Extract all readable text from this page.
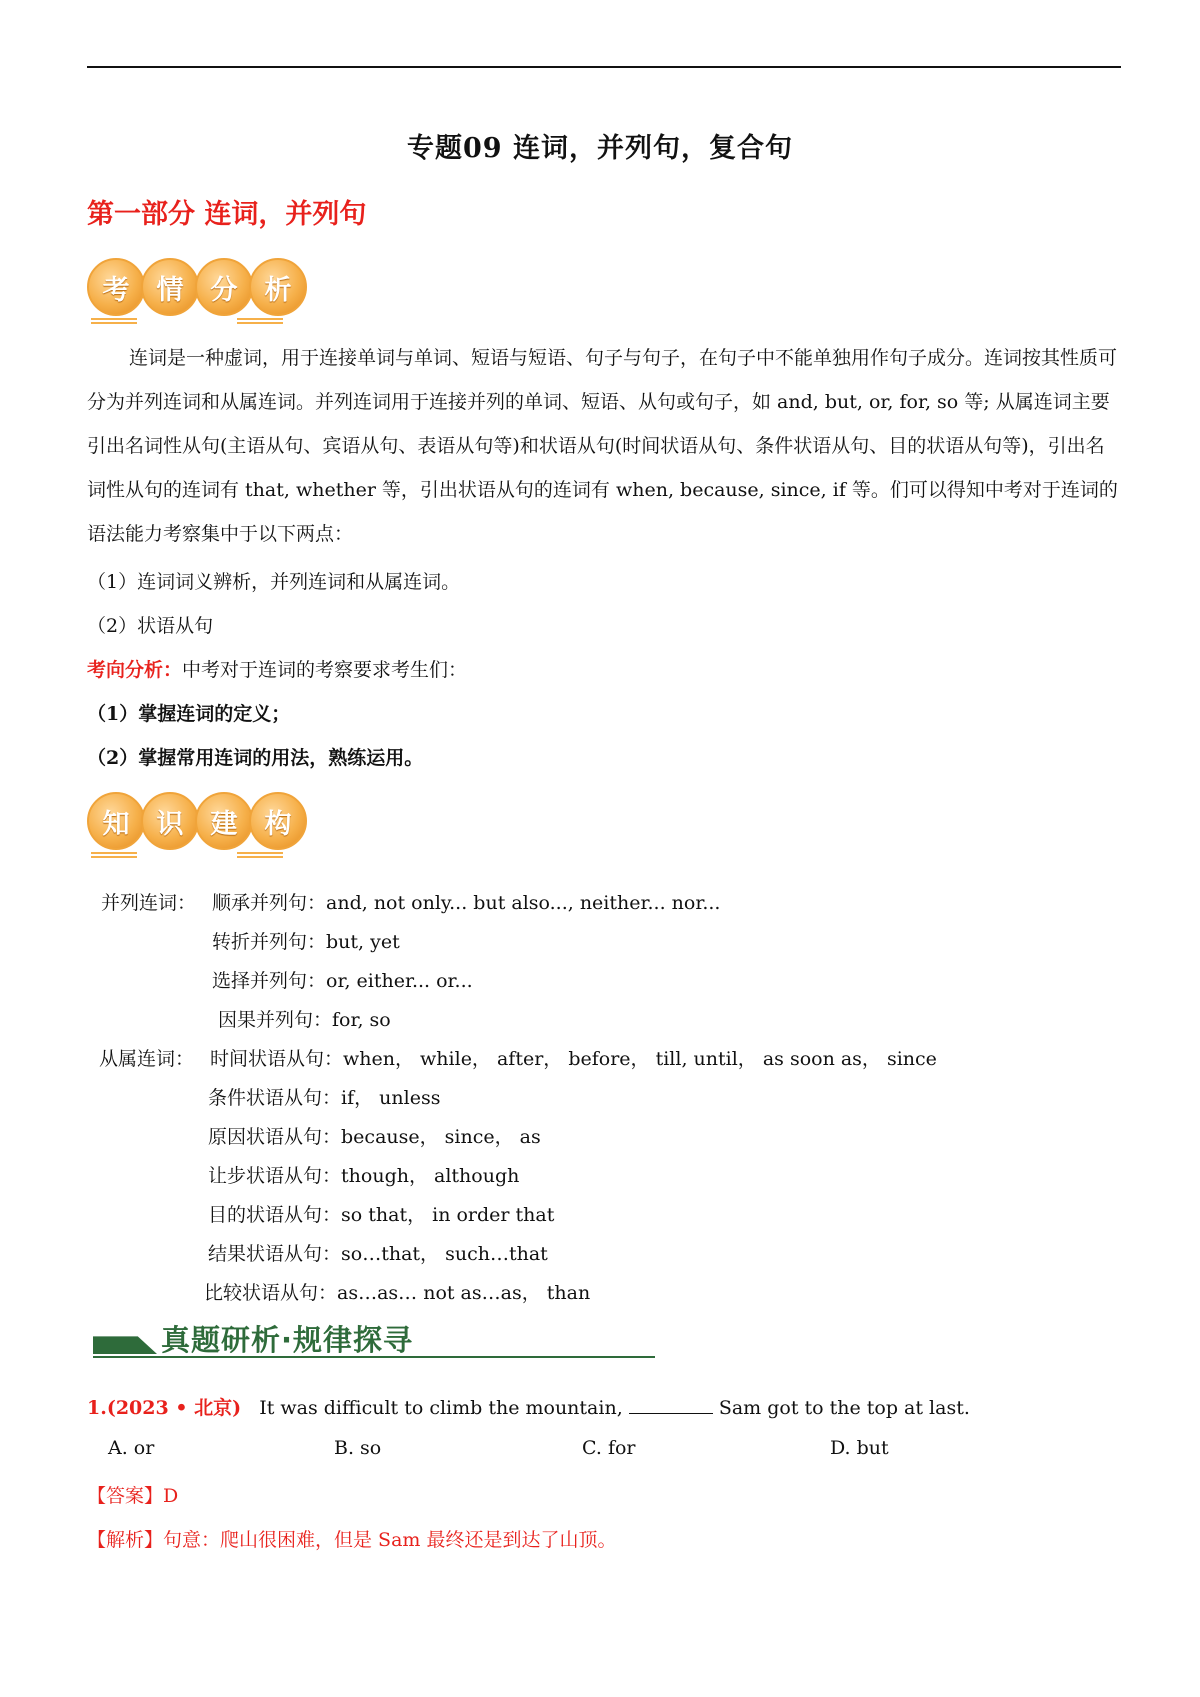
专题09 连词，并列句，复合句
第一部分 连词，并列句
考	情	分	析
连词是一种虚词，用于连接单词与单词、短语与短语、句子与句子，在句子中不能单独用作句子成分。连词按其性质可分为并列连词和从属连词。并列连词用于连接并列的单词、短语、从句或句子，如 and, but, or, for, so 等; 从属连词主要引出名词性从句(主语从句、宾语从句、表语从句等)和状语从句(时间状语从句、条件状语从句、目的状语从句等)，引出名词性从句的连词有 that, whether 等，引出状语从句的连词有 when, because, since, if 等。们可以得知中考对于连词的语法能力考察集中于以下两点：
（1）连词词义辨析，并列连词和从属连词。
（2）状语从句
考向分析：中考对于连词的考察要求考生们：
（1）掌握连词的定义；
（2）掌握常用连词的用法，熟练运用。
知	识	建	构
并列连词： 顺承并列句：and, not only... but also..., neither... nor...
转折并列句：but, yet
选择并列句：or, either... or...
因果并列句：for, so
从属连词： 时间状语从句：when， while， after， before， till, until， as soon as， since
条件状语从句：if， unless
原因状语从句：because， since， as
让步状语从句：though， although
目的状语从句：so that， in order that
结果状语从句：so…that， such…that
比较状语从句：as…as… not as…as， than
真题研析·规律探寻
1.(2023 • 北京) It was difficult to climb the mountain,	Sam got to the top at last.
A. or	B. so	C. for	D. but
【答案】D
【解析】句意：爬山很困难，但是 Sam 最终还是到达了山顶。
